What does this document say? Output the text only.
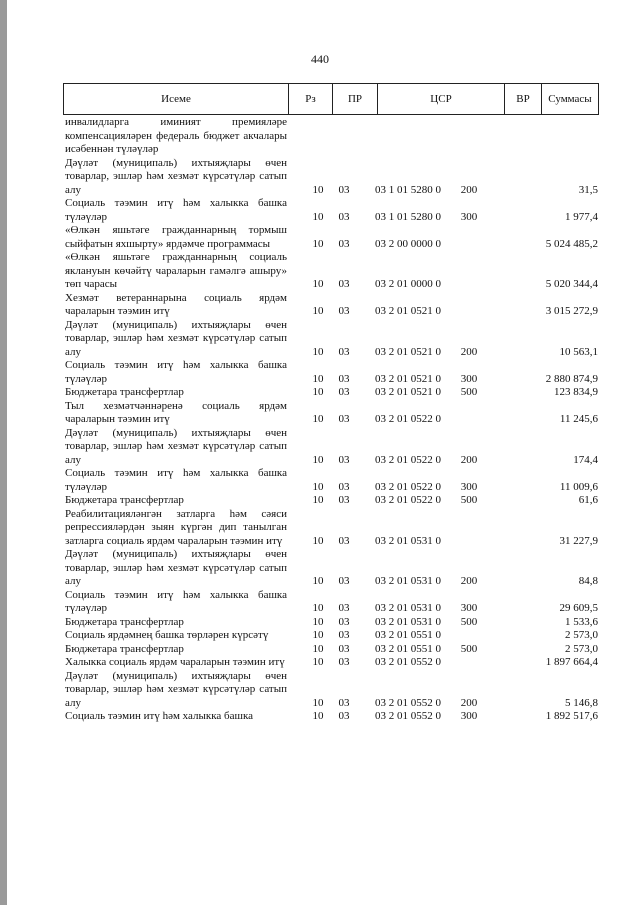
440
Исеме	Рз	ПР	ЦСР	ВР	Суммасы
инвалидларга иминият премияләре компенсацияләрен федераль бюджет акчалары исәбеннән түләүләр
Дәүләт (муниципаль) ихтыяҗлары өчен товарлар, эшләр һәм хезмәт күрсәтүләр сатып алу	10	03	03 1 01 5280 0	200	31,5
Социаль тәэмин итү һәм халыкка башка түләүләр	10	03	03 1 01 5280 0	300	1 977,4
«Өлкән яшьтәге гражданнарның тормыш сыйфатын яхшырту» ярдәмче программасы	10	03	03 2 00 0000 0	5 024 485,2
«Өлкән яшьтәге гражданнарның социаль яклануын көчәйтү чараларын гамәлгә ашыру» төп чарасы	10	03	03 2 01 0000 0	5 020 344,4
Хезмәт ветераннарына социаль ярдәм чараларын тәэмин итү	10	03	03 2 01 0521 0	3 015 272,9
Дәүләт (муниципаль) ихтыяҗлары өчен товарлар, эшләр һәм хезмәт күрсәтүләр сатып алу	10	03	03 2 01 0521 0	200	10 563,1
Социаль тәэмин итү һәм халыкка башка түләүләр	10	03	03 2 01 0521 0	300	2 880 874,9
Бюджетара трансфертлар	10	03	03 2 01 0521 0	500	123 834,9
Тыл хезмәтчәннәренә социаль ярдәм чараларын тәэмин итү	10	03	03 2 01 0522 0	11 245,6
Дәүләт (муниципаль) ихтыяҗлары өчен товарлар, эшләр һәм хезмәт күрсәтүләр сатып алу	10	03	03 2 01 0522 0	200	174,4
Социаль тәэмин итү һәм халыкка башка түләүләр	10	03	03 2 01 0522 0	300	11 009,6
Бюджетара трансфертлар	10	03	03 2 01 0522 0	500	61,6
Реабилитацияләнгән затларга һәм сәяси репрессияләрдән зыян күргән дип танылган затларга социаль ярдәм чараларын тәэмин итү	10	03	03 2 01 0531 0	31 227,9
Дәүләт (муниципаль) ихтыяҗлары өчен товарлар, эшләр һәм хезмәт күрсәтүләр сатып алу	10	03	03 2 01 0531 0	200	84,8
Социаль тәэмин итү һәм халыкка башка түләүләр	10	03	03 2 01 0531 0	300	29 609,5
Бюджетара трансфертлар	10	03	03 2 01 0531 0	500	1 533,6
Социаль ярдәмнең башка төрләрен күрсәтү	10	03	03 2 01 0551 0	2 573,0
Бюджетара трансфертлар	10	03	03 2 01 0551 0	500	2 573,0
Халыкка социаль ярдәм чараларын тәэмин итү	10	03	03 2 01 0552 0	1 897 664,4
Дәүләт (муниципаль) ихтыяҗлары өчен товарлар, эшләр һәм хезмәт күрсәтүләр сатып алу	10	03	03 2 01 0552 0	200	5 146,8
Социаль тәэмин итү һәм халыкка башка	10	03	03 2 01 0552 0	300	1 892 517,6
